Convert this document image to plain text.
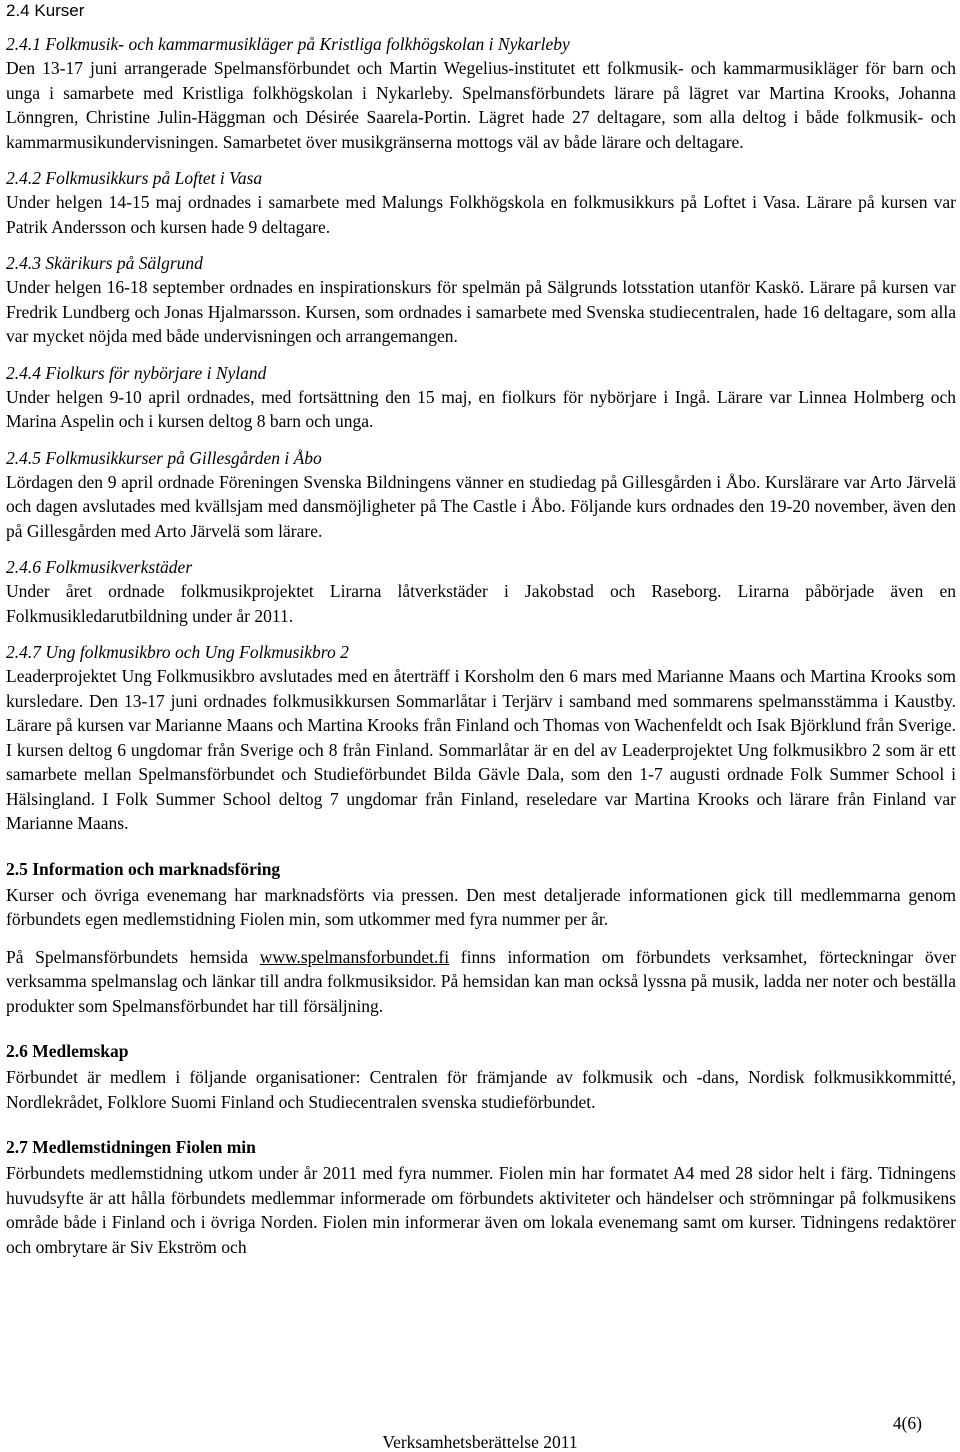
2.4 Kurser
2.4.1 Folkmusik- och kammarmusikläger på Kristliga folkhögskolan i Nykarleby

Den 13-17 juni arrangerade Spelmansförbundet och Martin Wegelius-institutet ett folkmusik- och kammarmusikläger för barn och unga i samarbete med Kristliga folkhögskolan i Nykarleby. Spelmansförbundets lärare på lägret var Martina Krooks, Johanna Lönngren, Christine Julin-Häggman och Désirée Saarela-Portin. Lägret hade 27 deltagare, som alla deltog i både folkmusik- och kammarmusikundervisningen. Samarbetet över musikgränserna mottogs väl av både lärare och deltagare.

2.4.2 Folkmusikkurs på Loftet i Vasa

Under helgen 14-15 maj ordnades i samarbete med Malungs Folkhögskola en folkmusikkurs på Loftet i Vasa. Lärare på kursen var Patrik Andersson och kursen hade 9 deltagare.

2.4.3 Skärikurs på Sälgrund

Under helgen 16-18 september ordnades en inspirationskurs för spelmän på Sälgrunds lotsstation utanför Kaskö. Lärare på kursen var Fredrik Lundberg och Jonas Hjalmarsson. Kursen, som ordnades i samarbete med Svenska studiecentralen, hade 16 deltagare, som alla var mycket nöjda med både undervisningen och arrangemangen.

2.4.4 Fiolkurs för nybörjare i Nyland

Under helgen 9-10 april ordnades, med fortsättning den 15 maj, en fiolkurs för nybörjare i Ingå. Lärare var Linnea Holmberg och Marina Aspelin och i kursen deltog 8 barn och unga.

2.4.5 Folkmusikkurser på Gillesgården i Åbo

Lördagen den 9 april ordnade Föreningen Svenska Bildningens vänner en studiedag på Gillesgården i Åbo. Kurslärare var Arto Järvelä och dagen avslutades med kvällsjam med dansmöjligheter på The Castle i Åbo. Följande kurs ordnades den 19-20 november, även den på Gillesgården med Arto Järvelä som lärare.

2.4.6 Folkmusikverkstäder

Under året ordnade folkmusikprojektet Lirarna låtverkstäder i Jakobstad och Raseborg. Lirarna påbörjade även en Folkmusikledarutbildning under år 2011.

2.4.7 Ung folkmusikbro och Ung Folkmusikbro 2

Leaderprojektet Ung Folkmusikbro avslutades med en återträff i Korsholm den 6 mars med Marianne Maans och Martina Krooks som kursledare. Den 13-17 juni ordnades folkmusikkursen Sommarlåtar i Terjärv i samband med sommarens spelmansstämma i Kaustby. Lärare på kursen var Marianne Maans och Martina Krooks från Finland och Thomas von Wachenfeldt och Isak Björklund från Sverige. I kursen deltog 6 ungdomar från Sverige och 8 från Finland. Sommarlåtar är en del av Leaderprojektet Ung folkmusikbro 2 som är ett samarbete mellan Spelmansförbundet och Studieförbundet Bilda Gävle Dala, som den 1-7 augusti ordnade Folk Summer School i Hälsingland. I Folk Summer School deltog 7 ungdomar från Finland, reseledare var Martina Krooks och lärare från Finland var Marianne Maans.

2.5 Information och marknadsföring

Kurser och övriga evenemang har marknadsförts via pressen. Den mest detaljerade informationen gick till medlemmarna genom förbundets egen medlemstidning Fiolen min, som utkommer med fyra nummer per år.

På Spelmansförbundets hemsida www.spelmansforbundet.fi finns information om förbundets verksamhet, förteckningar över verksamma spelmanslag och länkar till andra folkmusiksidor. På hemsidan kan man också lyssna på musik, ladda ner noter och beställa produkter som Spelmansförbundet har till försäljning.

2.6 Medlemskap

Förbundet är medlem i följande organisationer: Centralen för främjande av folkmusik och -dans, Nordisk folkmusikkommitté, Nordlekrådet, Folklore Suomi Finland och Studiecentralen svenska studieförbundet.

2.7 Medlemstidningen Fiolen min

Förbundets medlemstidning utkom under år 2011 med fyra nummer. Fiolen min har formatet A4 med 28 sidor helt i färg. Tidningens huvudsyfte är att hålla förbundets medlemmar informerade om förbundets aktiviteter och händelser och strömningar på folkmusikens område både i Finland och i övriga Norden. Fiolen min informerar även om lokala evenemang samt om kurser. Tidningens redaktörer och ombrytare är Siv Ekström och

4(6)
Verksamhetsberättelse 2011
